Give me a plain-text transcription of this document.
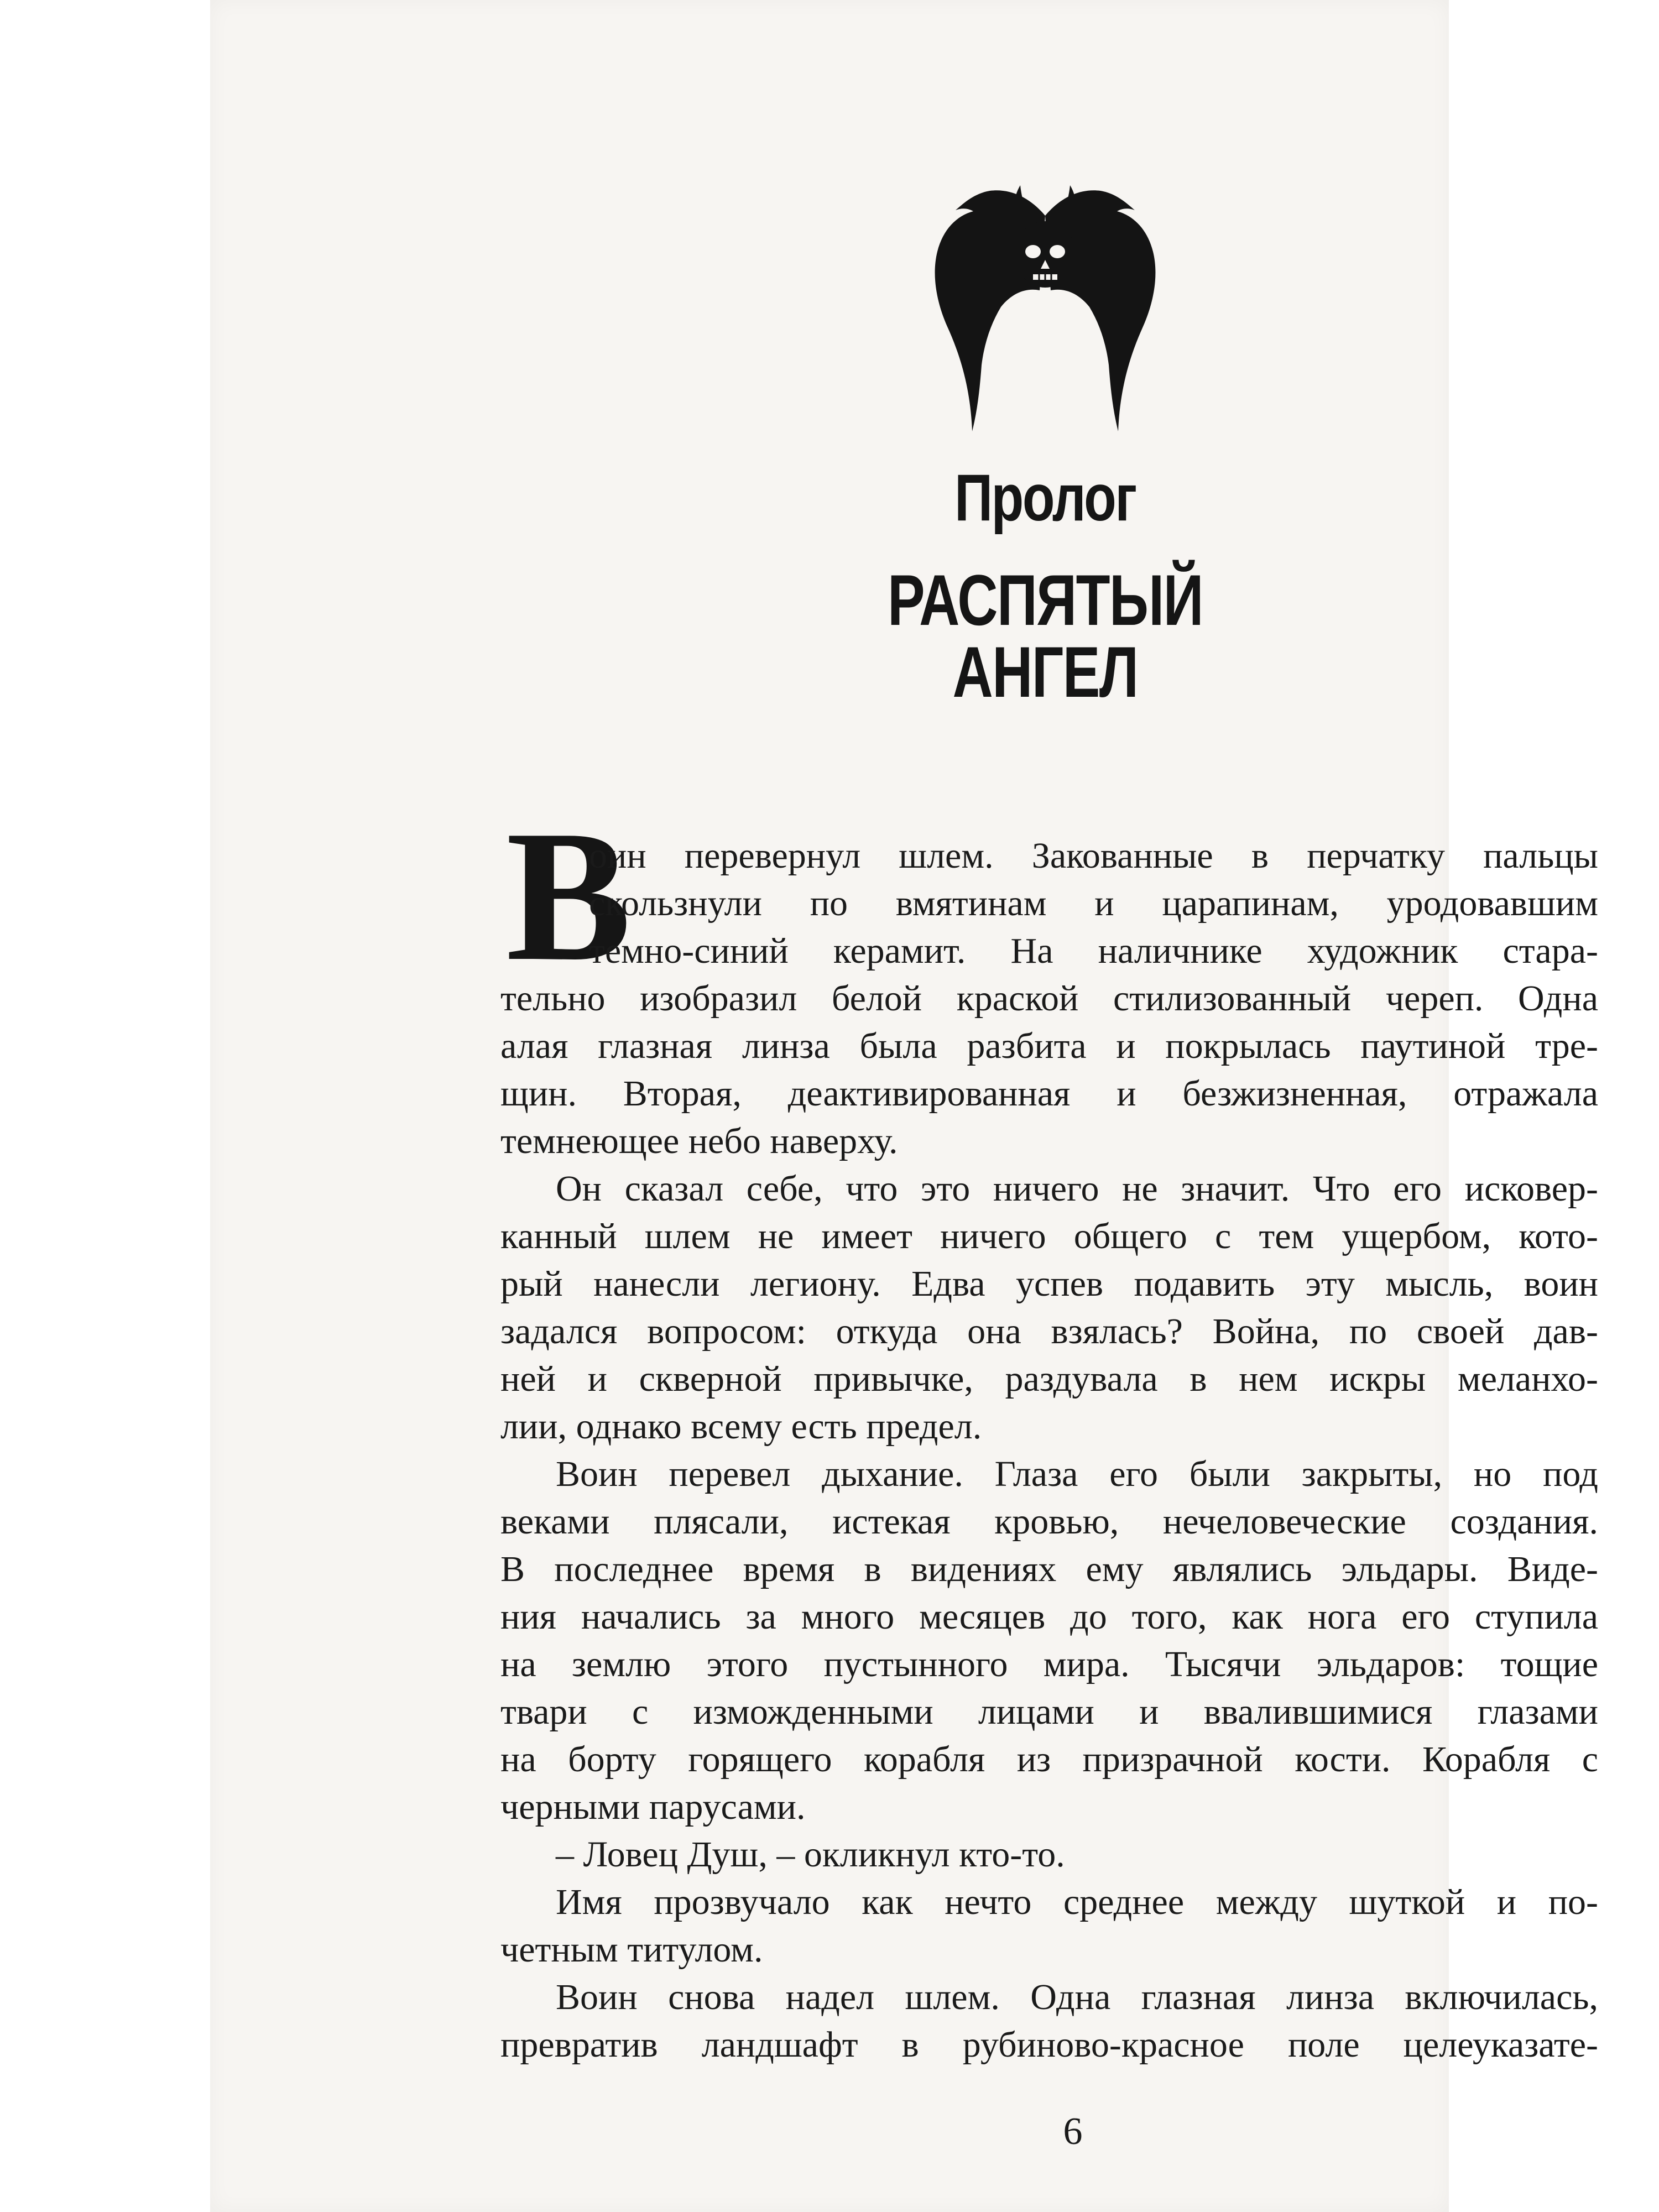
Пролог
РАСПЯТЫЙ АНГЕЛ
В
оин перевернул шлем. Закованные в перчатку пальцы
скользнули по вмятинам и царапинам, уродовавшим
темно-синий керамит. На наличнике художник стара-
тельно изобразил белой краской стилизованный череп. Одна
алая глазная линза была разбита и покрылась паутиной тре-
щин. Вторая, деактивированная и безжизненная, отражала
темнеющее небо наверху.
Он сказал себе, что это ничего не значит. Что его исковер-
канный шлем не имеет ничего общего с тем ущербом, кото-
рый нанесли легиону. Едва успев подавить эту мысль, воин
задался вопросом: откуда она взялась? Война, по своей дав-
ней и скверной привычке, раздувала в нем искры меланхо-
лии, однако всему есть предел.
Воин перевел дыхание. Глаза его были закрыты, но под
веками плясали, истекая кровью, нечеловеческие создания.
В последнее время в видениях ему являлись эльдары. Виде-
ния начались за много месяцев до того, как нога его ступила
на землю этого пустынного мира. Тысячи эльдаров: тощие
твари с изможденными лицами и ввалившимися глазами
на борту горящего корабля из призрачной кости. Корабля с
черными парусами.
– Ловец Душ, – окликнул кто-то.
Имя прозвучало как нечто среднее между шуткой и по-
четным титулом.
Воин снова надел шлем. Одна глазная линза включилась,
превратив ландшафт в рубиново-красное поле целеуказате-
6
